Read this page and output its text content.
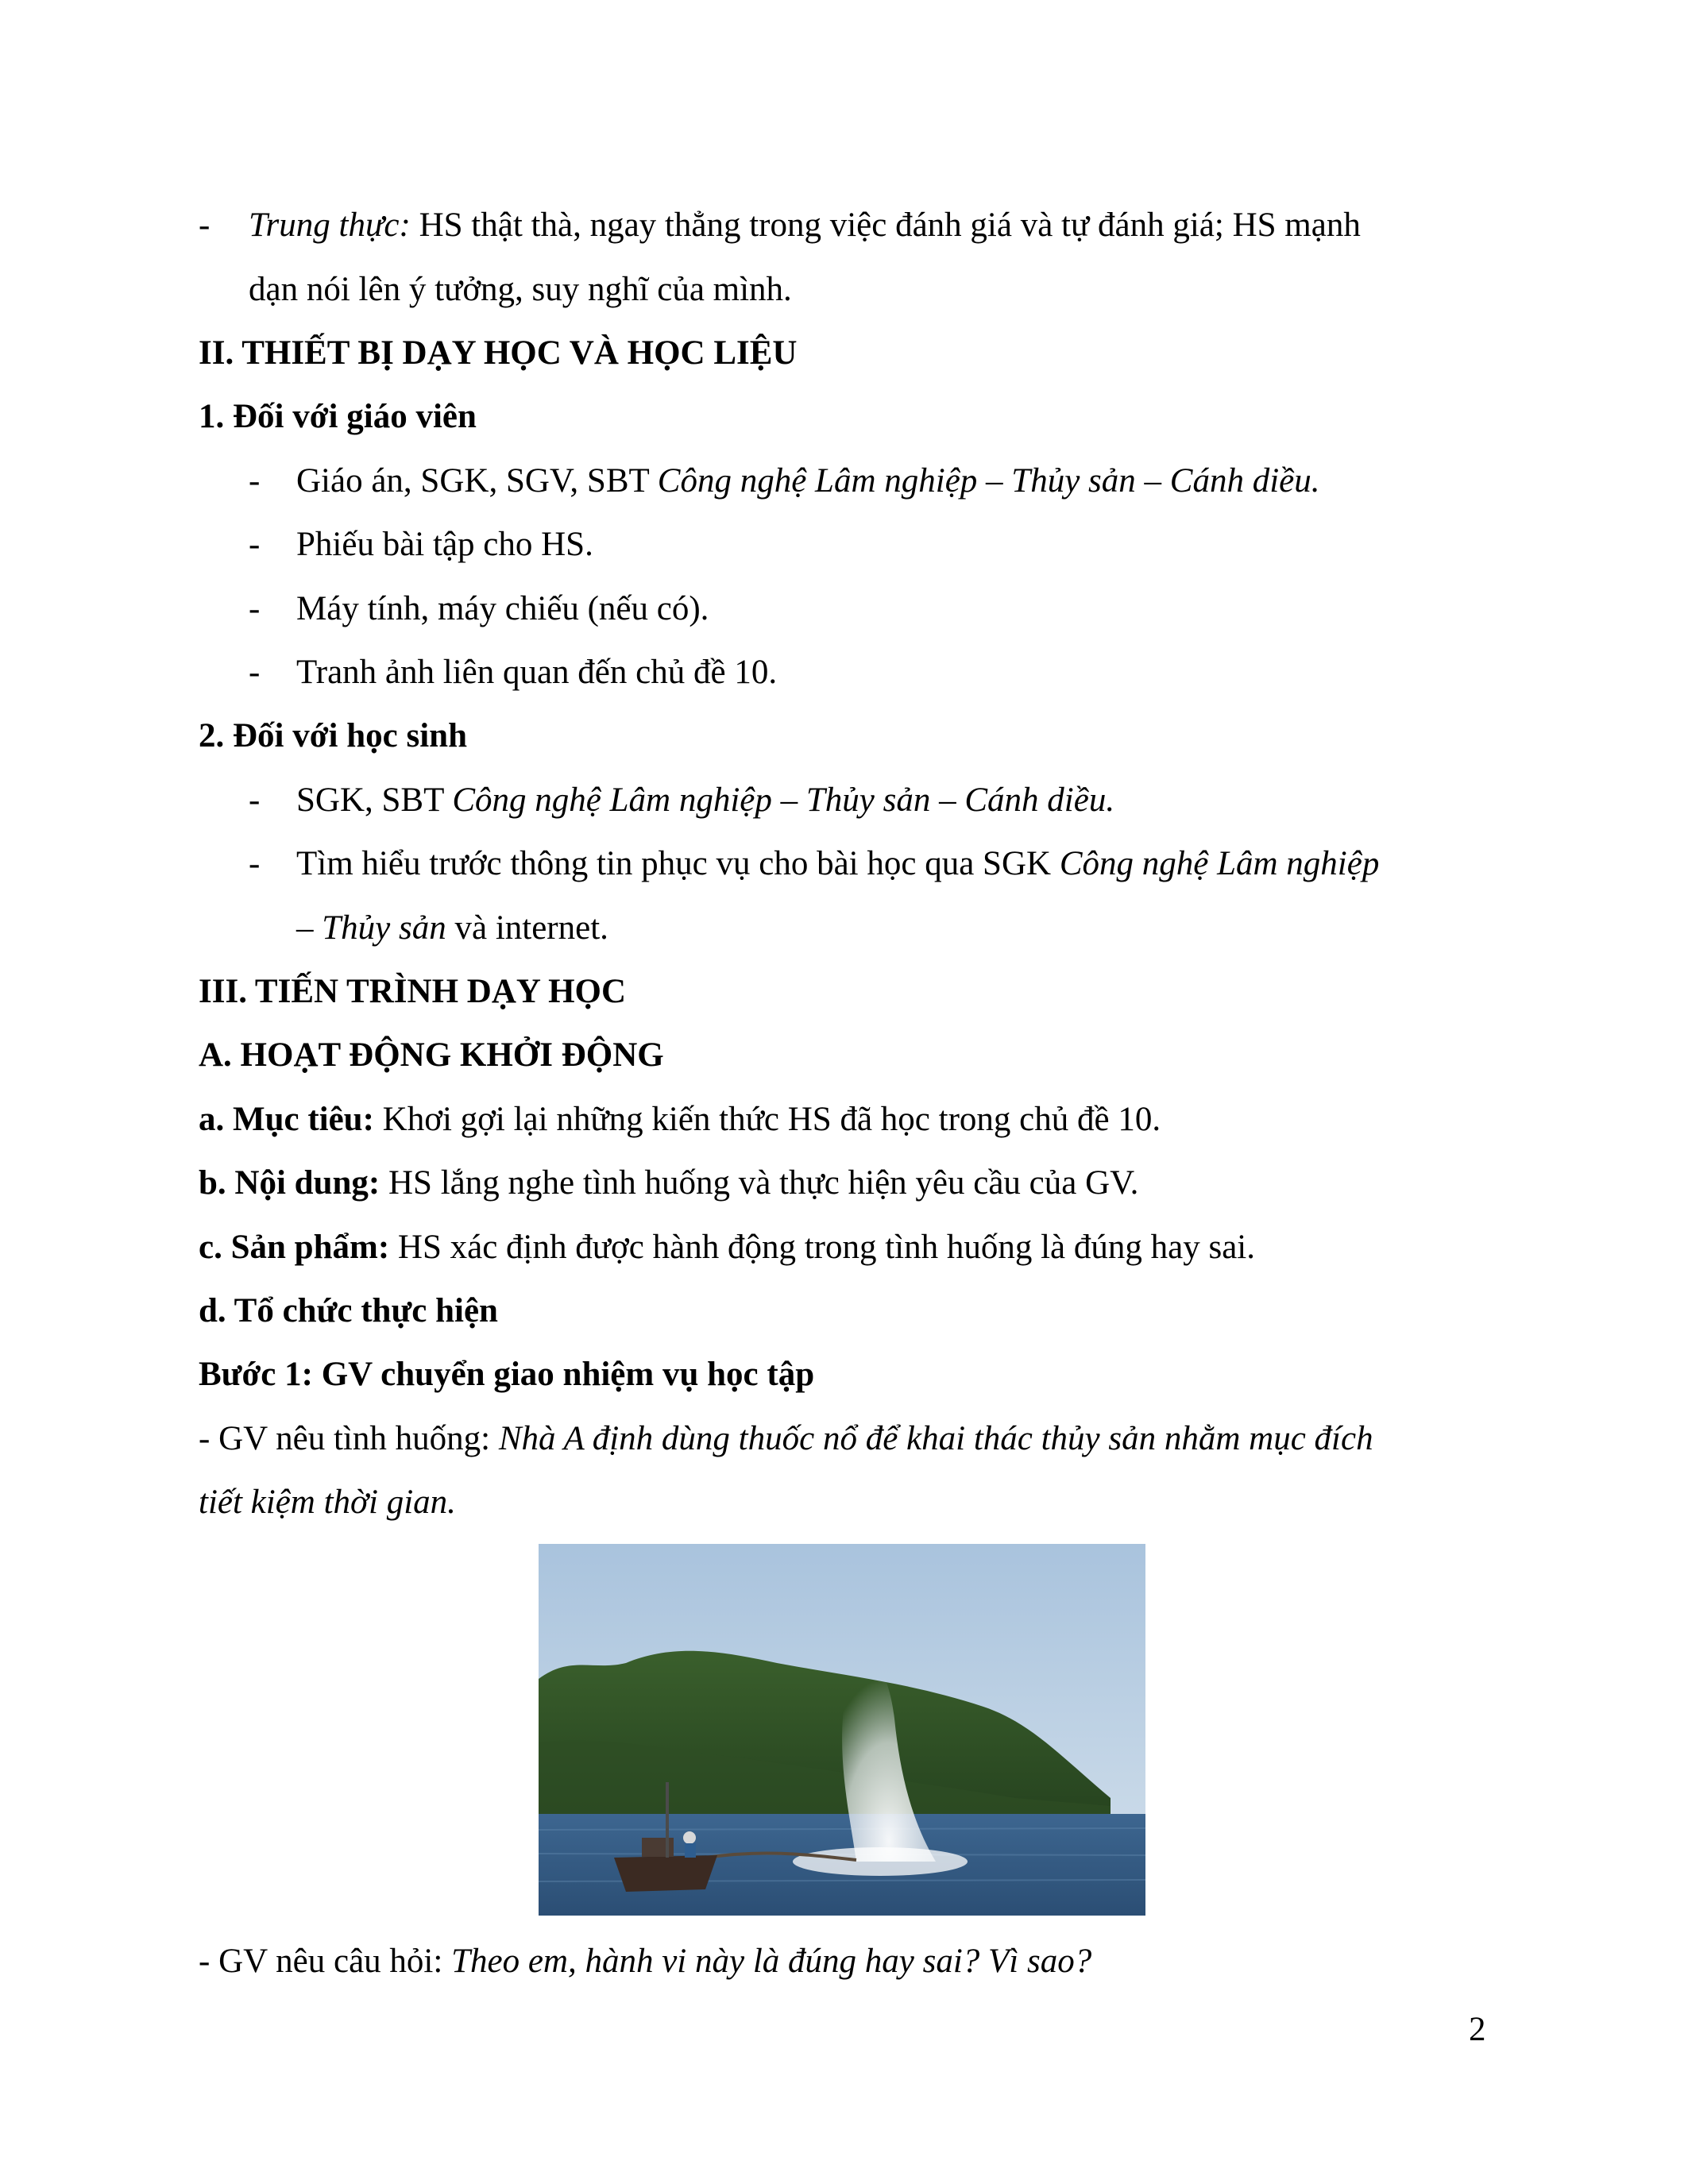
- Trung thực: HS thật thà, ngay thẳng trong việc đánh giá và tự đánh giá; HS mạnh
dạn nói lên ý tưởng, suy nghĩ của mình.
II. THIẾT BỊ DẠY HỌC VÀ HỌC LIỆU
1. Đối với giáo viên
- Giáo án, SGK, SGV, SBT Công nghệ Lâm nghiệp – Thủy sản – Cánh diều.
- Phiếu bài tập cho HS.
- Máy tính, máy chiếu (nếu có).
- Tranh ảnh liên quan đến chủ đề 10.
2. Đối với học sinh
- SGK, SBT Công nghệ Lâm nghiệp – Thủy sản – Cánh diều.
- Tìm hiểu trước thông tin phục vụ cho bài học qua SGK Công nghệ Lâm nghiệp
– Thủy sản và internet.
III. TIẾN TRÌNH DẠY HỌC
A. HOẠT ĐỘNG KHỞI ĐỘNG
a. Mục tiêu: Khơi gợi lại những kiến thức HS đã học trong chủ đề 10.
b. Nội dung: HS lắng nghe tình huống và thực hiện yêu cầu của GV.
c. Sản phẩm: HS xác định được hành động trong tình huống là đúng hay sai.
d. Tổ chức thực hiện
Bước 1: GV chuyển giao nhiệm vụ học tập
- GV nêu tình huống: Nhà A định dùng thuốc nổ để khai thác thủy sản nhằm mục đích
tiết kiệm thời gian.
- GV nêu câu hỏi: Theo em, hành vi này là đúng hay sai? Vì sao?
2
